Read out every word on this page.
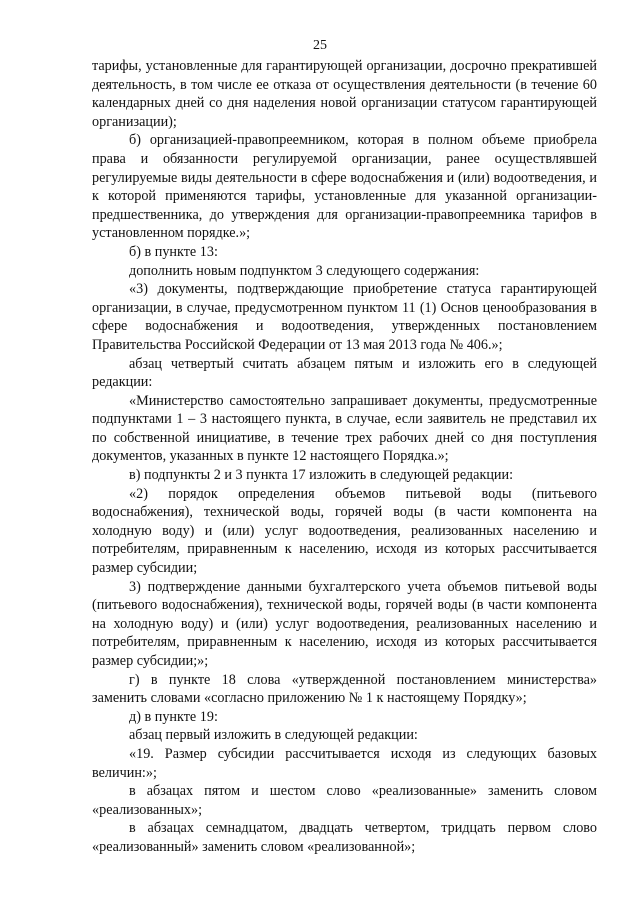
25

тарифы, установленные для гарантирующей организации, досрочно прекратившей деятельность, в том числе ее отказа от осуществления деятельности (в течение 60 календарных дней со дня наделения новой организации статусом гарантирующей организации);

б) организацией-правопреемником, которая в полном объеме приобрела права и обязанности регулируемой организации, ранее осуществлявшей регулируемые виды деятельности в сфере водоснабжения и (или) водоотведения, и к которой применяются тарифы, установленные для указанной организации-предшественника, до утверждения для организации-правопреемника тарифов в установленном порядке.»;

б) в пункте 13:

дополнить новым подпунктом 3 следующего содержания:

«3) документы, подтверждающие приобретение статуса гарантирующей организации, в случае, предусмотренном пунктом 11 (1) Основ ценообразования в сфере водоснабжения и водоотведения, утвержденных постановлением Правительства Российской Федерации от 13 мая 2013 года № 406.»;

абзац четвертый считать абзацем пятым и изложить его в следующей редакции:

«Министерство самостоятельно запрашивает документы, предусмотренные подпунктами 1 – 3 настоящего пункта, в случае, если заявитель не представил их по собственной инициативе, в течение трех рабочих дней со дня поступления документов, указанных в пункте 12 настоящего Порядка.»;

в) подпункты 2 и 3 пункта 17 изложить в следующей редакции:

«2) порядок определения объемов питьевой воды (питьевого водоснабжения), технической воды, горячей воды (в части компонента на холодную воду) и (или) услуг водоотведения, реализованных населению и потребителям, приравненным к населению, исходя из которых рассчитывается размер субсидии;

3) подтверждение данными бухгалтерского учета объемов питьевой воды (питьевого водоснабжения), технической воды, горячей воды (в части компонента на холодную воду) и (или) услуг водоотведения, реализованных населению и потребителям, приравненным к населению, исходя из которых рассчитывается размер субсидии;»;

г) в пункте 18 слова «утвержденной постановлением министерства» заменить словами «согласно приложению № 1 к настоящему Порядку»;

д) в пункте 19:

абзац первый изложить в следующей редакции:

«19. Размер субсидии рассчитывается исходя из следующих базовых величин:»;

в абзацах пятом и шестом слово «реализованные» заменить словом «реализованных»;

в абзацах семнадцатом, двадцать четвертом, тридцать первом слово «реализованный» заменить словом «реализованной»;
